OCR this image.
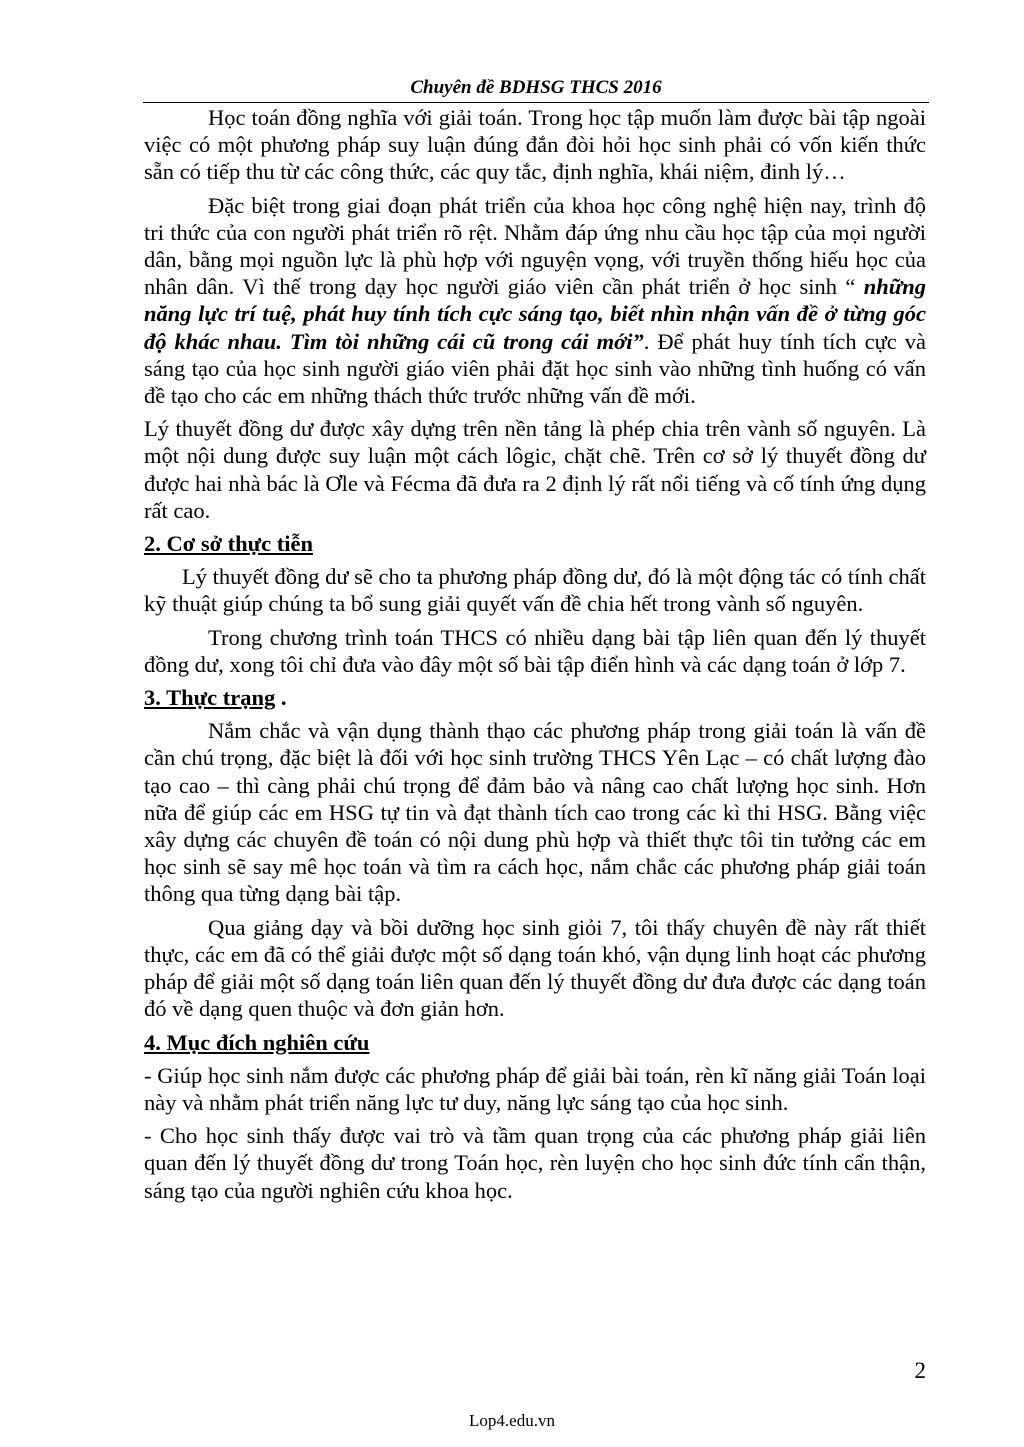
Chuyên đề BDHSG THCS 2016

Học toán đồng nghĩa với giải toán. Trong học tập muốn làm được bài tập ngoài việc có một phương pháp suy luận đúng đắn đòi hỏi học sinh phải có vốn kiến thức sẵn có tiếp thu từ các công thức, các quy tắc, định nghĩa, khái niệm, đinh lý…

Đặc biệt trong giai đoạn phát triển của khoa học công nghệ hiện nay, trình độ tri thức của con người phát triển rõ rệt. Nhằm đáp ứng nhu cầu học tập của mọi người dân, bằng mọi nguồn lực là phù hợp với nguyện vọng, với truyền thống hiếu học của nhân dân. Vì thế trong dạy học người giáo viên cần phát triển ở học sinh “ những năng lực trí tuệ, phát huy tính tích cực sáng tạo, biết nhìn nhận vấn đề ở từng góc độ khác nhau. Tìm tòi những cái cũ trong cái mới”. Để phát huy tính tích cực và sáng tạo của học sinh người giáo viên phải đặt học sinh vào những tình huống có vấn đề tạo cho các em những thách thức trước những vấn đề mới.

Lý thuyết đồng dư được xây dựng trên nền tảng là phép chia trên vành số nguyên. Là một nội dung được suy luận một cách lôgic, chặt chẽ. Trên cơ sở lý thuyết đồng dư được hai nhà bác là Ơle và Fécma đã đưa ra 2 định lý rất nổi tiếng và cố tính ứng dụng rất cao.

2. Cơ sở thực tiễn

Lý thuyết đồng dư sẽ cho ta phương pháp đồng dư, đó là một động tác có tính chất kỹ thuật giúp chúng ta bổ sung giải quyết vấn đề chia hết trong vành số nguyên.

Trong chương trình toán THCS có nhiều dạng bài tập liên quan đến lý thuyết đồng dư, xong tôi chỉ đưa vào đây một số bài tập điển hình và các dạng toán ở lớp 7.

3. Thực trạng .

Nắm chắc và vận dụng thành thạo các phương pháp trong giải toán là vấn đề cần chú trọng, đặc biệt là đối với học sinh trường THCS Yên Lạc – có chất lượng đào tạo cao – thì càng phải chú trọng để đảm bảo và nâng cao chất lượng học sinh. Hơn nữa để giúp các em HSG tự tin và đạt thành tích cao trong các kì thi HSG. Bằng việc xây dựng các chuyên đề toán có nội dung phù hợp và thiết thực tôi tin tưởng các em học sinh sẽ say mê học toán và tìm ra cách học, nắm chắc các phương pháp giải toán thông qua từng dạng bài tập.

Qua giảng dạy và bồi dưỡng học sinh giỏi 7, tôi thấy chuyên đề này rất thiết thực, các em đã có thể giải được một số dạng toán khó, vận dụng linh hoạt các phương pháp để giải một số dạng toán liên quan đến lý thuyết đồng dư đưa được các dạng toán đó về dạng quen thuộc và đơn giản hơn.

4. Mục đích nghiên cứu

- Giúp học sinh nắm được các phương pháp để giải bài toán, rèn kĩ năng giải Toán loại này và nhằm phát triển năng lực tư duy, năng lực sáng tạo của học sinh.

- Cho học sinh thấy được vai trò và tầm quan trọng của các phương pháp giải liên quan đến lý thuyết đồng dư trong Toán học, rèn luyện cho học sinh đức tính cẩn thận, sáng tạo của người nghiên cứu khoa học.

2
Lop4.edu.vn
